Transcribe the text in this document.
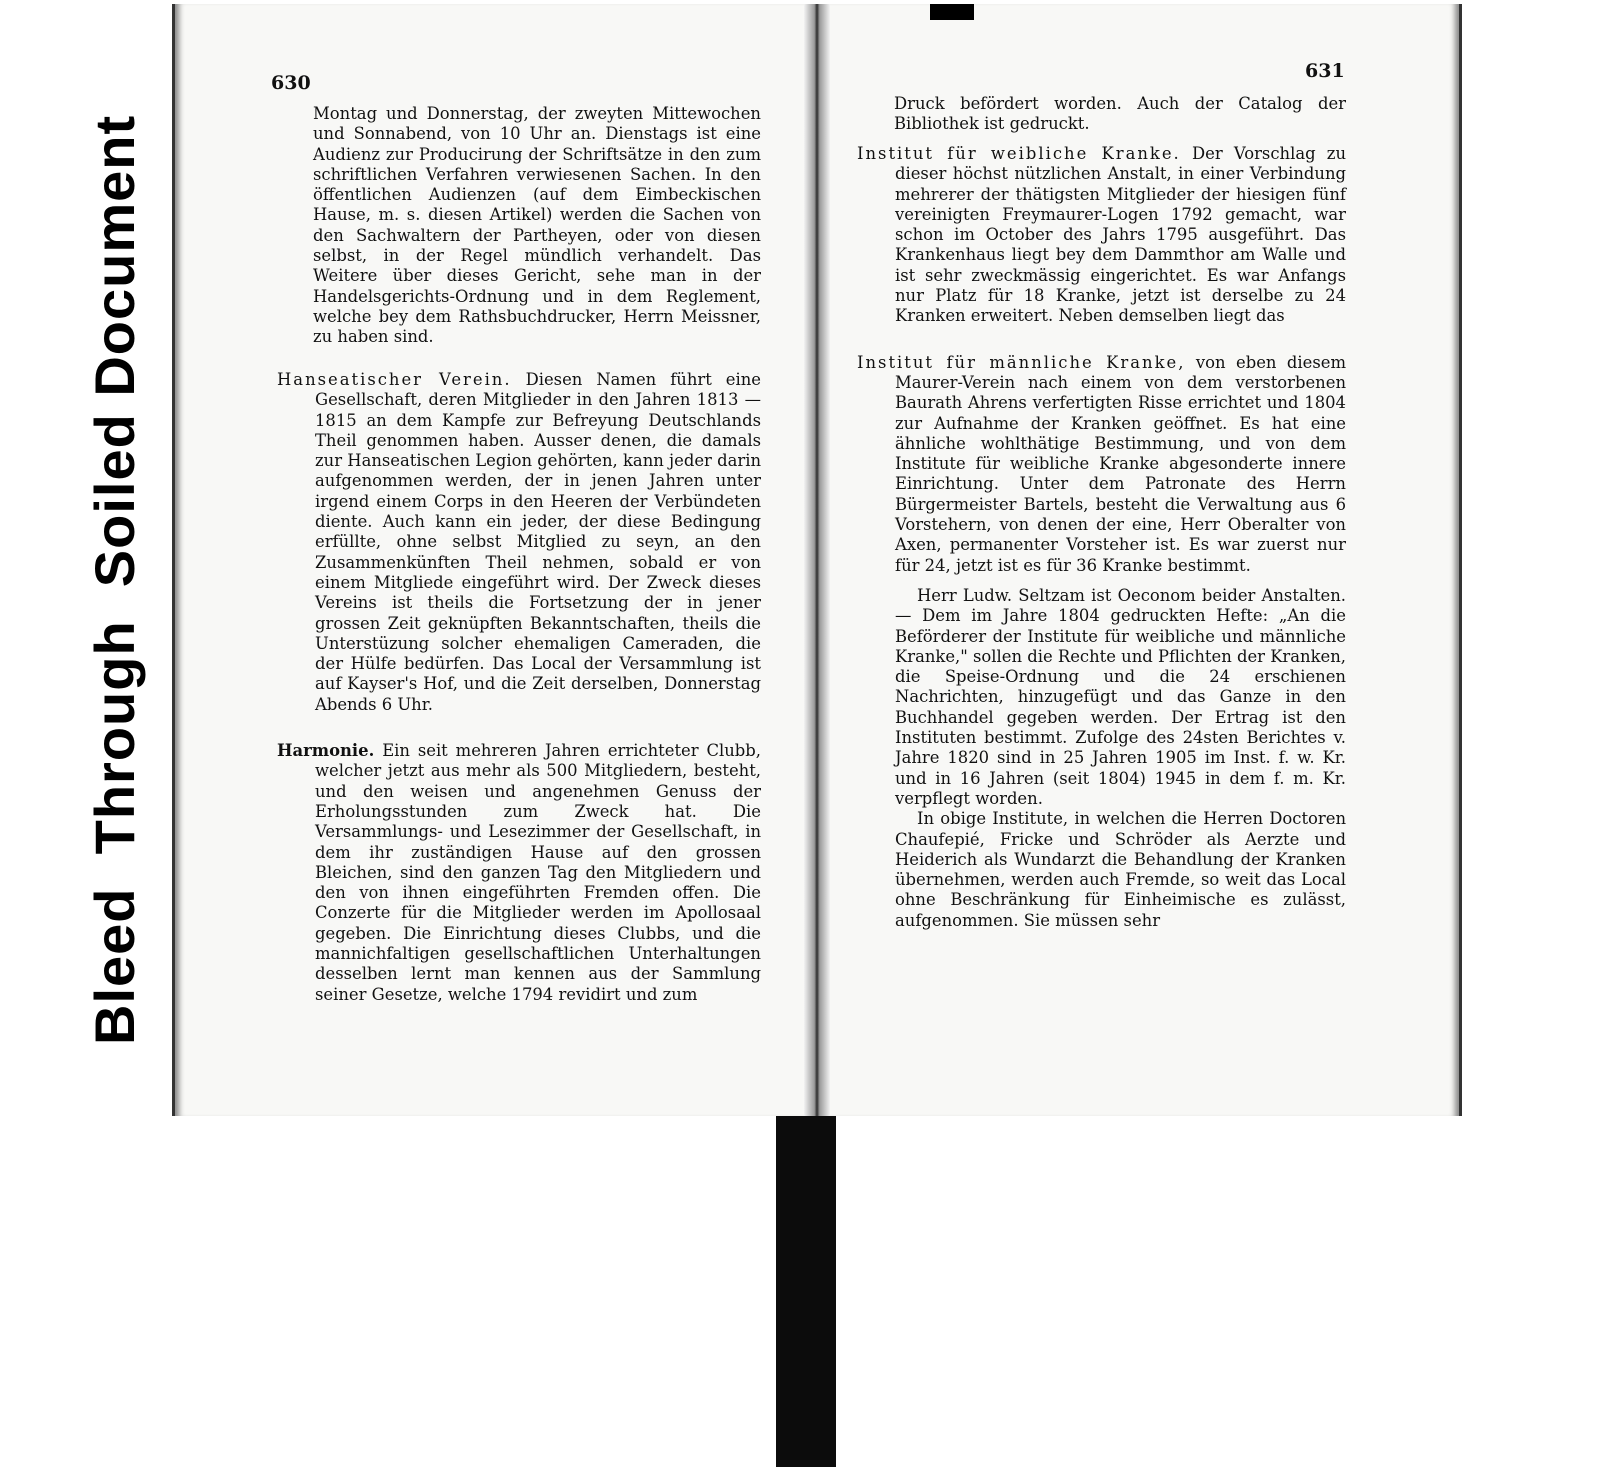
Bleed  Through  Soiled Document
630

Montag und Donnerstag, der zweyten Mittewochen und Sonnabend, von 10 Uhr an. Dienstags ist eine Audienz zur Producirung der Schriftsätze in den zum schriftlichen Verfahren verwiesenen Sachen. In den öffentlichen Audienzen (auf dem Eimbeckischen Hause, m. s. diesen Artikel) werden die Sachen von den Sachwaltern der Partheyen, oder von diesen selbst, in der Regel mündlich verhandelt. Das Weitere über dieses Gericht, sehe man in der Handelsgerichts-Ordnung und in dem Reglement, welche bey dem Rathsbuchdrucker, Herrn Meissner, zu haben sind.

Hanseatischer Verein. Diesen Namen führt eine Gesellschaft, deren Mitglieder in den Jahren 1813 — 1815 an dem Kampfe zur Befreyung Deutschlands Theil genommen haben. Ausser denen, die damals zur Hanseatischen Legion gehörten, kann jeder darin aufgenommen werden, der in jenen Jahren unter irgend einem Corps in den Heeren der Verbündeten diente. Auch kann ein jeder, der diese Bedingung erfüllte, ohne selbst Mitglied zu seyn, an den Zusammenkünften Theil nehmen, sobald er von einem Mitgliede eingeführt wird. Der Zweck dieses Vereins ist theils die Fortsetzung der in jener grossen Zeit geknüpften Bekanntschaften, theils die Unterstüzung solcher ehemaligen Cameraden, die der Hülfe bedürfen. Das Local der Versammlung ist auf Kayser's Hof, und die Zeit derselben, Donnerstag Abends 6 Uhr.

Harmonie. Ein seit mehreren Jahren errichteter Clubb, welcher jetzt aus mehr als 500 Mitgliedern, besteht, und den weisen und angenehmen Genuss der Erholungsstunden zum Zweck hat. Die Versammlungs- und Lesezimmer der Gesellschaft, in dem ihr zuständigen Hause auf den grossen Bleichen, sind den ganzen Tag den Mitgliedern und den von ihnen eingeführten Fremden offen. Die Conzerte für die Mitglieder werden im Apollosaal gegeben. Die Einrichtung dieses Clubbs, und die mannichfaltigen gesellschaftlichen Unterhaltungen desselben lernt man kennen aus der Sammlung seiner Gesetze, welche 1794 revidirt und zum

631

Druck befördert worden. Auch der Catalog der Bibliothek ist gedruckt.

Institut für weibliche Kranke. Der Vorschlag zu dieser höchst nützlichen Anstalt, in einer Verbindung mehrerer der thätigsten Mitglieder der hiesigen fünf vereinigten Freymaurer-Logen 1792 gemacht, war schon im October des Jahrs 1795 ausgeführt. Das Krankenhaus liegt bey dem Dammthor am Walle und ist sehr zweckmässig eingerichtet. Es war Anfangs nur Platz für 18 Kranke, jetzt ist derselbe zu 24 Kranken erweitert. Neben demselben liegt das

Institut für männliche Kranke, von eben diesem Maurer-Verein nach einem von dem verstorbenen Baurath Ahrens verfertigten Risse errichtet und 1804 zur Aufnahme der Kranken geöffnet. Es hat eine ähnliche wohlthätige Bestimmung, und von dem Institute für weibliche Kranke abgesonderte innere Einrichtung. Unter dem Patronate des Herrn Bürgermeister Bartels, besteht die Verwaltung aus 6 Vorstehern, von denen der eine, Herr Oberalter von Axen, permanenter Vorsteher ist. Es war zuerst nur für 24, jetzt ist es für 36 Kranke bestimmt.

Herr Ludw. Seltzam ist Oeconom beider Anstalten. — Dem im Jahre 1804 gedruckten Hefte: „An die Beförderer der Institute für weibliche und männliche Kranke," sollen die Rechte und Pflichten der Kranken, die Speise-Ordnung und die 24 erschienen Nachrichten, hinzugefügt und das Ganze in den Buchhandel gegeben werden. Der Ertrag ist den Instituten bestimmt. Zufolge des 24sten Berichtes v. Jahre 1820 sind in 25 Jahren 1905 im Inst. f. w. Kr. und in 16 Jahren (seit 1804) 1945 in dem f. m. Kr. verpflegt worden.

In obige Institute, in welchen die Herren Doctoren Chaufepié, Fricke und Schröder als Aerzte und Heiderich als Wundarzt die Behandlung der Kranken übernehmen, werden auch Fremde, so weit das Local ohne Beschränkung für Einheimische es zulässt, aufgenommen. Sie müssen sehr
